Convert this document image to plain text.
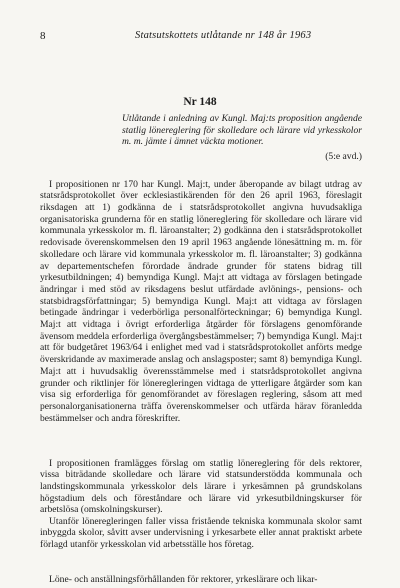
8	Statsutskottets utlåtande nr 148 år 1963
Nr 148
Utlåtande i anledning av Kungl. Maj:ts proposition angående statlig lönereglering för skolledare och lärare vid yrkesskolor m. m. jämte i ämnet väckta motioner.
(5:e avd.)

I propositionen nr 170 har Kungl. Maj:t, under åberopande av bilagt utdrag av statsrådsprotokollet över ecklesiastikärenden för den 26 april 1963, föreslagit riksdagen att 1) godkänna de i statsrådsprotokollet angivna huvudsakliga organisatoriska grunderna för en statlig lönereglering för skolledare och lärare vid kommunala yrkesskolor m. fl. läroanstalter; 2) godkänna den i statsrådsprotokollet redovisade överenskommelsen den 19 april 1963 angående lönesättning m. m. för skolledare och lärare vid kommunala yrkesskolor m. fl. läroanstalter; 3) godkänna av departementschefen förordade ändrade grunder för statens bidrag till yrkesutbildningen; 4) bemyndiga Kungl. Maj:t att vidtaga av förslagen betingade ändringar i med stöd av riksdagens beslut utfärdade avlönings-, pensions- och statsbidragsförfattningar; 5) bemyndiga Kungl. Maj:t att vidtaga av förslagen betingade ändringar i vederbörliga personalförteckningar; 6) bemyndiga Kungl. Maj:t att vidtaga i övrigt erforderliga åtgärder för förslagens genomförande ävensom meddela erforderliga övergångsbestämmelser; 7) bemyndiga Kungl. Maj:t att för budgetåret 1963/64 i enlighet med vad i statsrådsprotokollet anförts medge överskridande av maximerade anslag och anslagsposter; samt 8) bemyndiga Kungl. Maj:t att i huvudsaklig överensstämmelse med i statsrådsprotokollet angivna grunder och riktlinjer för löneregleringen vidtaga de ytterligare åtgärder som kan visa sig erforderliga för genomförandet av föreslagen reglering, såsom att med personalorganisationerna träffa överenskommelser och utfärda härav föranledda bestämmelser och andra föreskrifter.

I propositionen framlägges förslag om statlig lönereglering för dels rektorer, vissa biträdande skolledare och lärare vid statsunderstödda kommunala och landstingskommunala yrkesskolor dels lärare i yrkesämnen på grundskolans högstadium dels och föreståndare och lärare vid yrkesutbildningskurser för arbetslösa (omskolningskurser).

Utanför löneregleringen faller vissa fristående tekniska kommunala skolor samt inbyggda skolor, såvitt avser undervisning i yrkesarbete eller annat praktiskt arbete förlagd utanför yrkesskolan vid arbetsställe hos företag.

Löne- och anställningsförhållanden för rektorer, yrkeslärare och likar-
